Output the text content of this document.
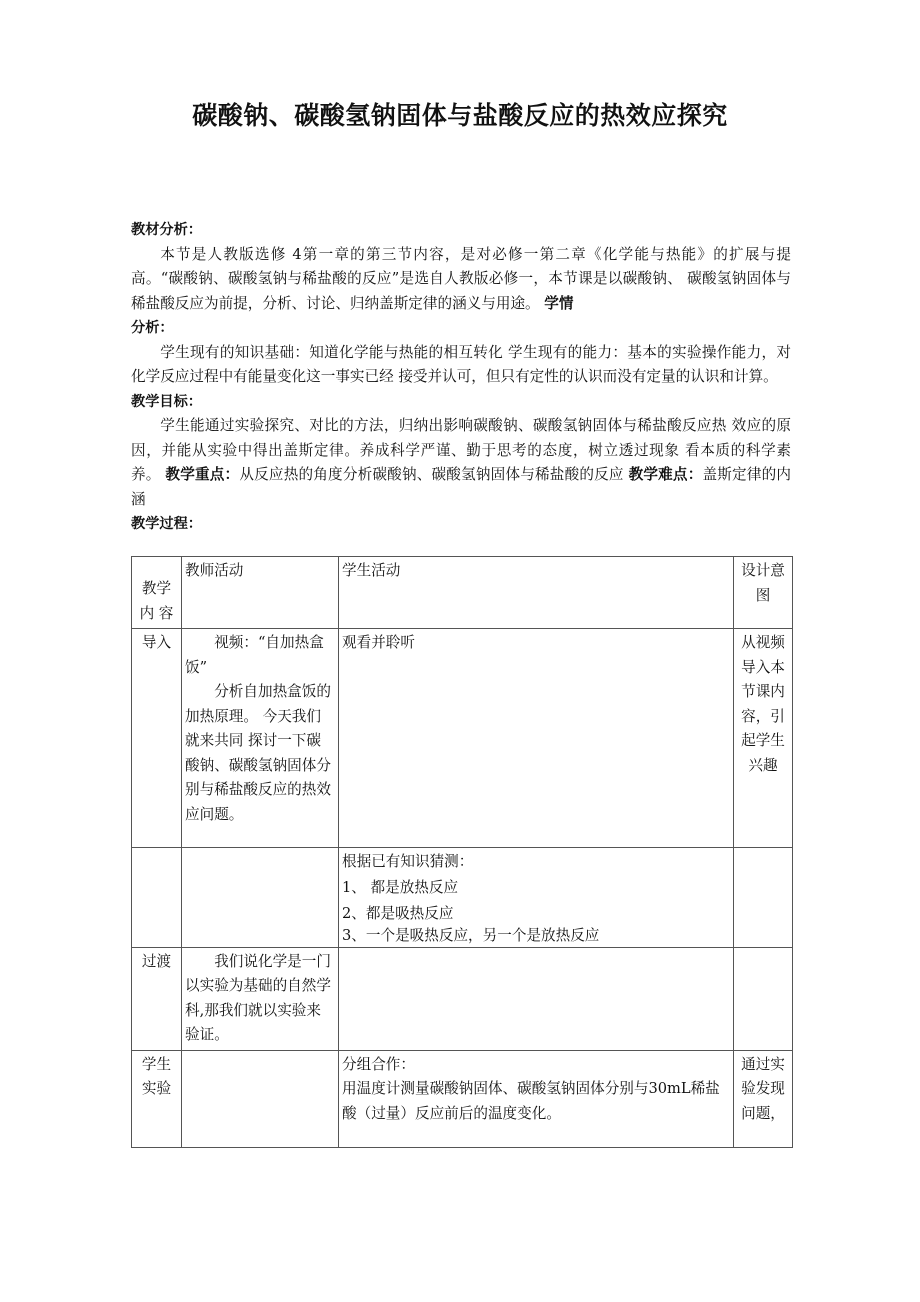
碳酸钠、碳酸氢钠固体与盐酸反应的热效应探究
教材分析：

本节是人教版选修 4第一章的第三节内容，是对必修一第二章《化学能与热能》的扩展与提高。“碳酸钠、碳酸氢钠与稀盐酸的反应”是选自人教版必修一，本节课是以碳酸钠、 碳酸氢钠固体与稀盐酸反应为前提，分析、讨论、归纳盖斯定律的涵义与用途。 学情

分析：

学生现有的知识基础：知道化学能与热能的相互转化 学生现有的能力：基本的实验操作能力，对化学反应过程中有能量变化这一事实已经 接受并认可，但只有定性的认识而没有定量的认识和计算。

教学目标：

学生能通过实验探究、对比的方法，归纳出影响碳酸钠、碳酸氢钠固体与稀盐酸反应热 效应的原因，并能从实验中得出盖斯定律。养成科学严谨、勤于思考的态度，树立透过现象 看本质的科学素养。 教学重点：从反应热的角度分析碳酸钠、碳酸氢钠固体与稀盐酸的反应 教学难点：盖斯定律的内涵

教学过程：
教学内 容	教师活动	学生活动	设计意图
导入	视频：“自加热盒饭”

分析自加热盒饭的加热原理。 今天我们就来共同 探讨一下碳酸钠、碳酸氢钠固体分别与稀盐酸反应的热效应问题。	观看并聆听	从视频导入本节课内容，引起学生兴趣

		根据已有知识猜测：

1、 都是放热反应

2、都是吸热反应

3、一个是吸热反应，另一个是放热反应	

过渡	我们说化学是一门以实验为基础的自然学科,那我们就以实验来验证。		

学生实验		分组合作：

用温度计测量碳酸钠固体、碳酸氢钠固体分别与30mL稀盐酸（过量）反应前后的温度变化。	通过实验发现问题，
